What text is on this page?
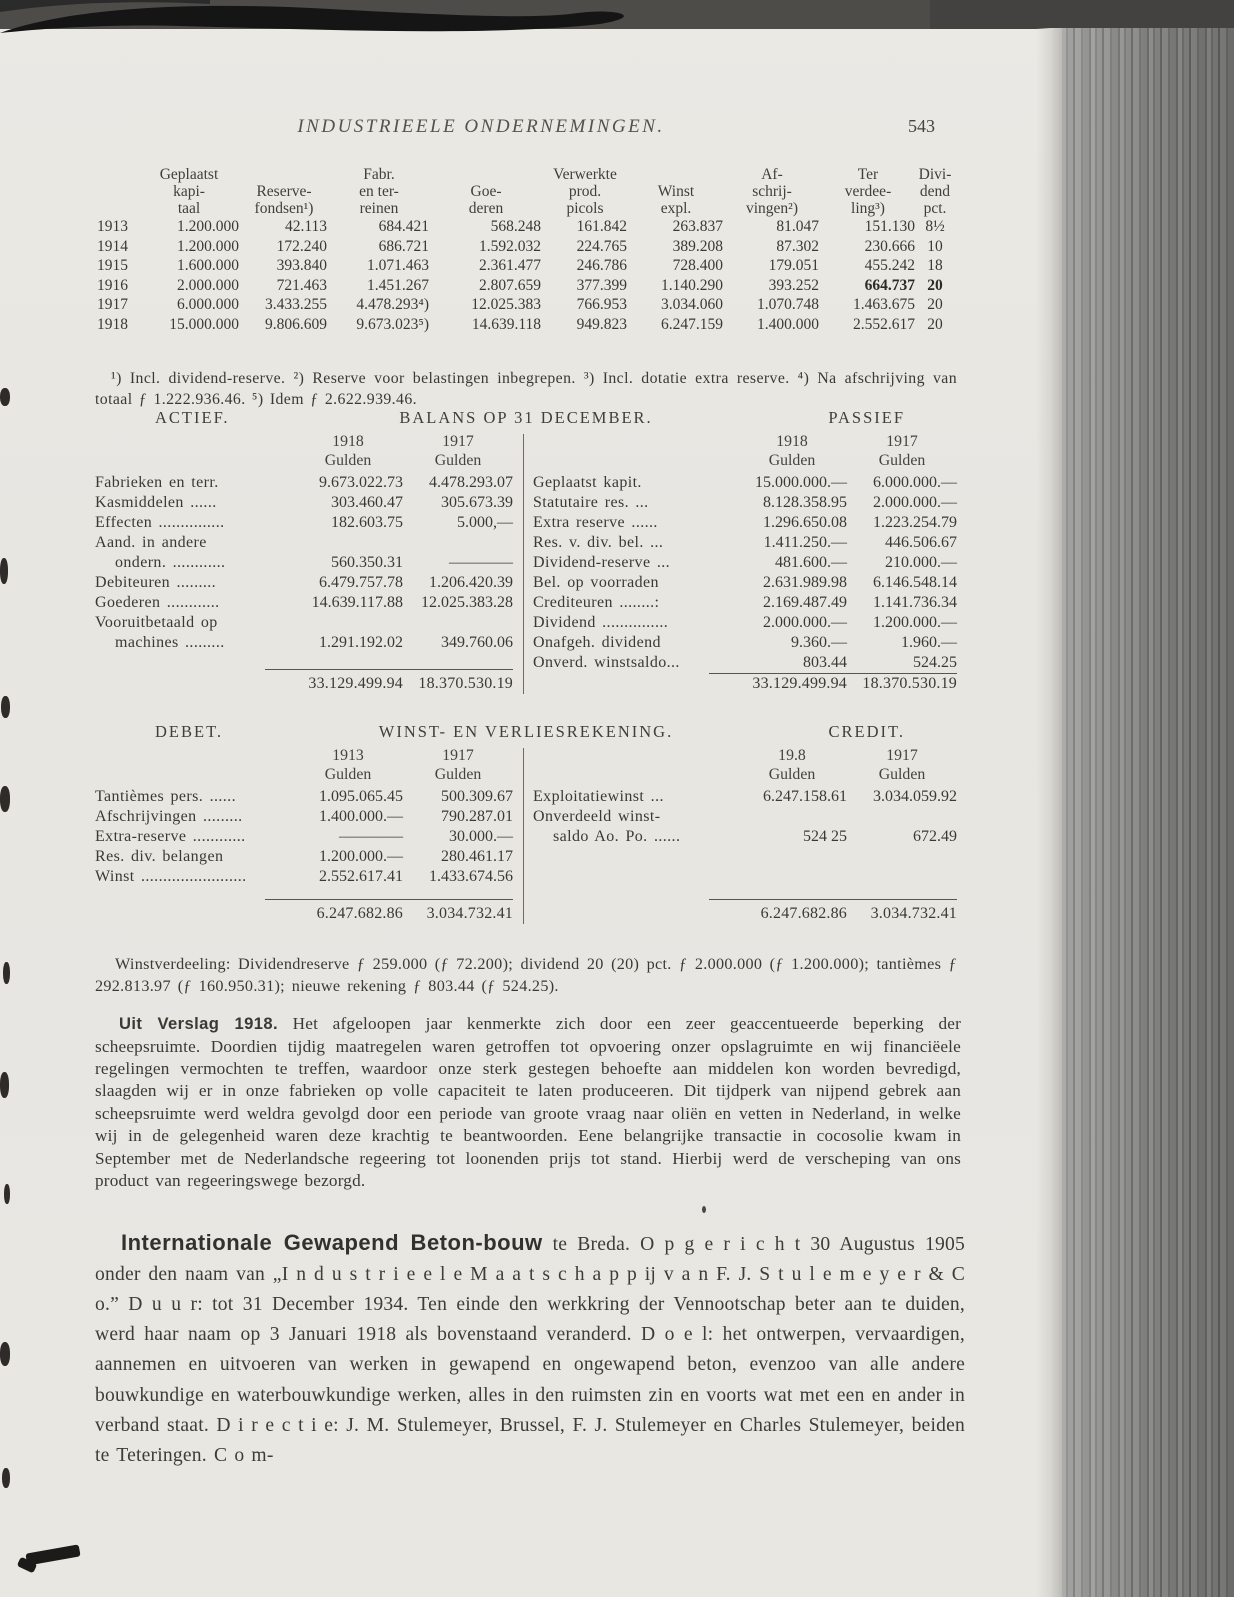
INDUSTRIEELE ONDERNEMINGEN.	543
	Geplaatst		Fabr.		Verwerkte		Af-	Ter	Divi-
	kapi-	Reserve-	en ter-	Goe-	prod.	Winst	schrij-	verdee-	dend
	taal	fondsen¹)	reinen	deren	picols	expl.	vingen²)	ling³)	pct.
1913	1.200.000	42.113	684.421	568.248	161.842	263.837	81.047	151.130	8½
1914	1.200.000	172.240	686.721	1.592.032	224.765	389.208	87.302	230.666	10
1915	1.600.000	393.840	1.071.463	2.361.477	246.786	728.400	179.051	455.242	18
1916	2.000.000	721.463	1.451.267	2.807.659	377.399	1.140.290	393.252	664.737	20
1917	6.000.000	3.433.255	4.478.293⁴)	12.025.383	766.953	3.034.060	1.070.748	1.463.675	20
1918	15.000.000	9.806.609	9.673.023⁵)	14.639.118	949.823	6.247.159	1.400.000	2.552.617	20

¹) Incl. dividend-reserve. ²) Reserve voor belastingen inbegrepen. ³) Incl. dotatie extra reserve. ⁴) Na afschrijving van totaal ƒ 1.222.936.46. ⁵) Idem ƒ 2.622.939.46.

ACTIEF.	BALANS OP 31 DECEMBER.	PASSIEF
1918
Gulden
1917
Gulden
Fabrieken en terr.	9.673.022.73	4.478.293.07
Kasmiddelen ......	303.460.47	305.673.39
Effecten ...............	182.603.75	5.000,—
Aand. in andere
ondern. ............	560.350.31	————
Debiteuren .........	6.479.757.78	1.206.420.39
Goederen ............	14.639.117.88	12.025.383.28
Vooruitbetaald op
machines .........	1.291.192.02	349.760.06
33.129.499.94 18.370.530.19
1918
Gulden
1917
Gulden
Geplaatst kapit.	15.000.000.—	6.000.000.—
Statutaire res. ...	8.128.358.95	2.000.000.—
Extra reserve ......	1.296.650.08	1.223.254.79
Res. v. div. bel. ...	1.411.250.—	446.506.67
Dividend-reserve ...	481.600.—	210.000.—
Bel. op voorraden	2.631.989.98	6.146.548.14
Crediteuren ........:	2.169.487.49	1.141.736.34
Dividend ...............	2.000.000.—	1.200.000.—
Onafgeh. dividend	9.360.—	1.960.—
Onverd. winstsaldo...	803.44	524.25
33.129.499.94 18.370.530.19
DEBET.	WINST- EN VERLIESREKENING.	CREDIT.
1913
Gulden
1917
Gulden
Tantièmes pers. ......	1.095.065.45	500.309.67
Afschrijvingen .........	1.400.000.—	790.287.01
Extra-reserve ............	————	30.000.—
Res. div. belangen	1.200.000.—	280.461.17
Winst ........................	2.552.617.41	1.433.674.56
6.247.682.86	3.034.732.41
19.8
Gulden
1917
Gulden
Exploitatiewinst ...	6.247.158.61	3.034.059.92
Onverdeeld winst-
saldo Ao. Po. ......	524 25	672.49
6.247.682.86	3.034.732.41

Winstverdeeling: Dividendreserve ƒ 259.000 (ƒ 72.200); dividend 20 (20) pct. ƒ 2.000.000 (ƒ 1.200.000); tantièmes ƒ 292.813.97 (ƒ 160.950.31); nieuwe rekening ƒ 803.44 (ƒ 524.25).

Uit Verslag 1918. Het afgeloopen jaar kenmerkte zich door een zeer geaccentueerde beperking der scheepsruimte. Doordien tijdig maatregelen waren getroffen tot opvoering onzer opslagruimte en wij financiëele regelingen vermochten te treffen, waardoor onze sterk gestegen behoefte aan middelen kon worden bevredigd, slaagden wij er in onze fabrieken op volle capaciteit te laten produceeren. Dit tijdperk van nijpend gebrek aan scheepsruimte werd weldra gevolgd door een periode van groote vraag naar oliën en vetten in Nederland, in welke wij in de gelegenheid waren deze krachtig te beantwoorden. Eene belangrijke transactie in cocosolie kwam in September met de Nederlandsche regeering tot loonenden prijs tot stand. Hierbij werd de verscheping van ons product van regeeringswege bezorgd.

Internationale Gewapend Beton-bouw te Breda. O p g e r i c h t 30 Augustus 1905 onder den naam van „I n d u s t r i e e l e M a a t s c h a p p ij v a n F. J. S t u l e m e y e r & C o.” D u u r: tot 31 December 1934. Ten einde den werkkring der Vennootschap beter aan te duiden, werd haar naam op 3 Januari 1918 als bovenstaand veranderd. D o e l: het ontwerpen, vervaardigen, aannemen en uitvoeren van werken in gewapend en ongewapend beton, evenzoo van alle andere bouwkundige en waterbouwkundige werken, alles in den ruimsten zin en voorts wat met een en ander in verband staat. D i r e c t i e: J. M. Stulemeyer, Brussel, F. J. Stulemeyer en Charles Stulemeyer, beiden te Teteringen. C o m-
